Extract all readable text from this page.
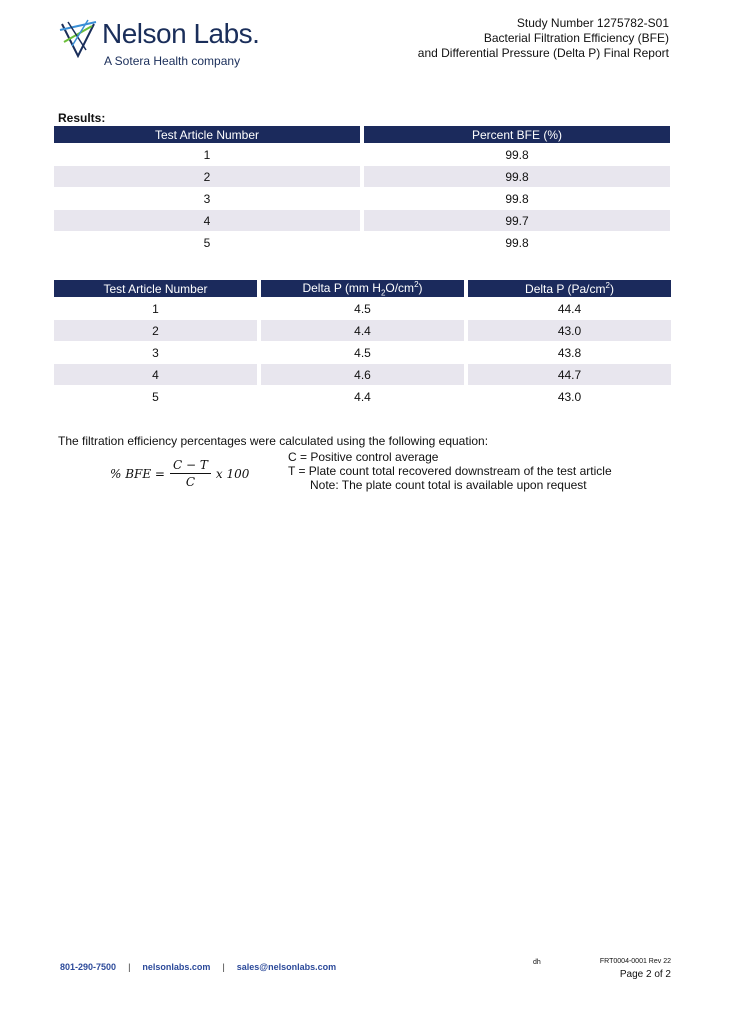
Nelson Labs.
A Sotera Health company
Study Number 1275782-S01
Bacterial Filtration Efficiency (BFE)
and Differential Pressure (Delta P) Final Report
Results:
Test Article Number	Percent BFE (%)
1	99.8
2	99.8
3	99.8
4	99.7
5	99.8
Test Article Number	Delta P (mm $H_2O/cm^2$)	Delta P $(Pa/cm^2)$
1	4.5	44.4
2	4.4	43.0
3	4.5	43.8
4	4.6	44.7
5	4.4	43.0
The filtration efficiency percentages were calculated using the following equation:
% BFE = $\frac{C - T}{C}$ x 100
C = Positive control average
T = Plate count total recovered downstream of the test article
Note: The plate count total is available upon request
801-290-7500 | nelsonlabs.com | sales@nelsonlabs.com	dh	FRT0004-0001 Rev 22
Page 2 of 2
